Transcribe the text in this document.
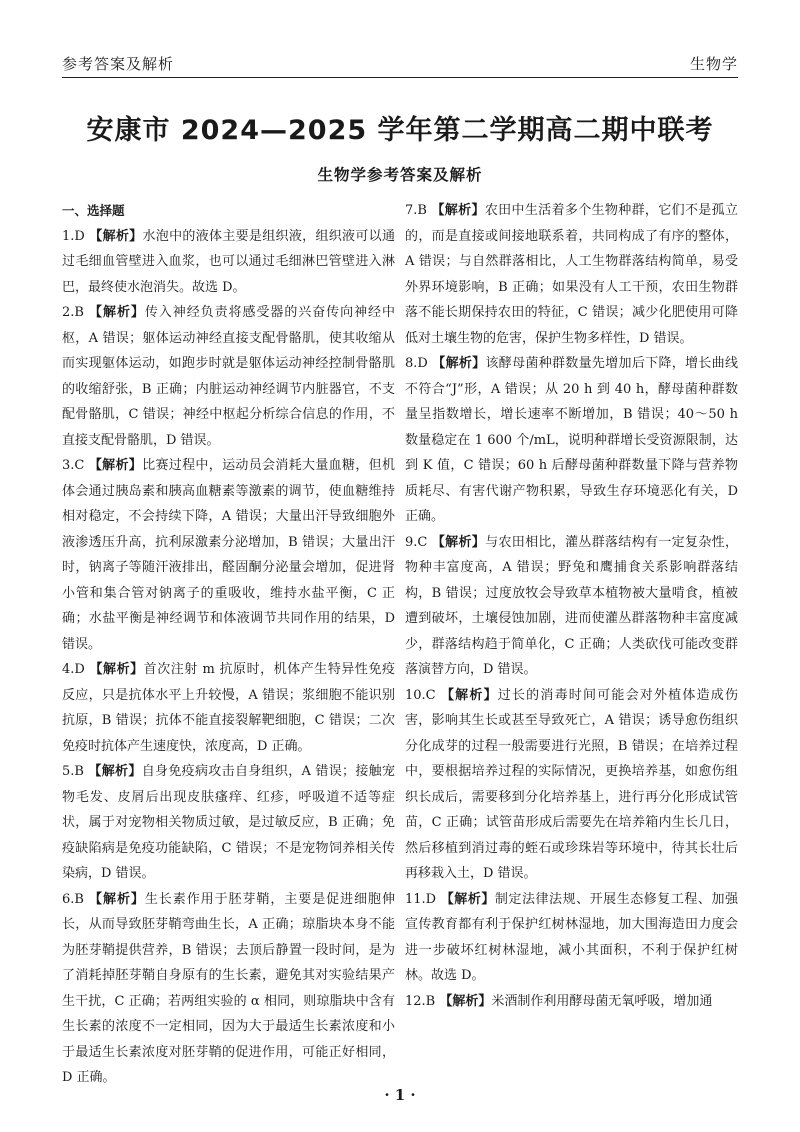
参考答案及解析	生物学
安康市 2024—2025 学年第二学期高二期中联考
生物学参考答案及解析
一、选择题

1.D 【解析】水泡中的液体主要是组织液，组织液可以通过毛细血管壁进入血浆，也可以通过毛细淋巴管壁进入淋巴，最终使水泡消失。故选 D。

2.B 【解析】传入神经负责将感受器的兴奋传向神经中枢，A 错误；躯体运动神经直接支配骨骼肌，使其收缩从而实现躯体运动，如跑步时就是躯体运动神经控制骨骼肌的收缩舒张，B 正确；内脏运动神经调节内脏器官，不支配骨骼肌，C 错误；神经中枢起分析综合信息的作用，不直接支配骨骼肌，D 错误。

3.C 【解析】比赛过程中，运动员会消耗大量血糖，但机体会通过胰岛素和胰高血糖素等激素的调节，使血糖维持相对稳定，不会持续下降，A 错误；大量出汗导致细胞外液渗透压升高，抗利尿激素分泌增加，B 错误；大量出汗时，钠离子等随汗液排出，醛固酮分泌量会增加，促进肾小管和集合管对钠离子的重吸收，维持水盐平衡，C 正确；水盐平衡是神经调节和体液调节共同作用的结果，D 错误。

4.D 【解析】首次注射 m 抗原时，机体产生特异性免疫反应，只是抗体水平上升较慢，A 错误；浆细胞不能识别抗原，B 错误；抗体不能直接裂解靶细胞，C 错误；二次免疫时抗体产生速度快，浓度高，D 正确。

5.B 【解析】自身免疫病攻击自身组织，A 错误；接触宠物毛发、皮屑后出现皮肤瘙痒、红疹，呼吸道不适等症状，属于对宠物相关物质过敏，是过敏反应，B 正确；免疫缺陷病是免疫功能缺陷，C 错误；不是宠物饲养相关传染病，D 错误。

6.B 【解析】生长素作用于胚芽鞘，主要是促进细胞伸长，从而导致胚芽鞘弯曲生长，A 正确；琼脂块本身不能为胚芽鞘提供营养，B 错误；去顶后静置一段时间，是为了消耗掉胚芽鞘自身原有的生长素，避免其对实验结果产生干扰，C 正确；若两组实验的 α 相同，则琼脂块中含有生长素的浓度不一定相同，因为大于最适生长素浓度和小于最适生长素浓度对胚芽鞘的促进作用，可能正好相同，D 正确。

7.B 【解析】农田中生活着多个生物种群，它们不是孤立的，而是直接或间接地联系着，共同构成了有序的整体，A 错误；与自然群落相比，人工生物群落结构简单，易受外界环境影响，B 正确；如果没有人工干预，农田生物群落不能长期保持农田的特征，C 错误；减少化肥使用可降低对土壤生物的危害，保护生物多样性，D 错误。

8.D 【解析】该酵母菌种群数量先增加后下降，增长曲线不符合“J”形，A 错误；从 20 h 到 40 h，酵母菌种群数量呈指数增长，增长速率不断增加，B 错误；40～50 h 数量稳定在 1 600 个/mL，说明种群增长受资源限制，达到 K 值，C 错误；60 h 后酵母菌种群数量下降与营养物质耗尽、有害代谢产物积累，导致生存环境恶化有关，D 正确。

9.C 【解析】与农田相比，灌丛群落结构有一定复杂性，物种丰富度高，A 错误；野兔和鹰捕食关系影响群落结构，B 错误；过度放牧会导致草本植物被大量啃食，植被遭到破坏，土壤侵蚀加剧，进而使灌丛群落物种丰富度减少，群落结构趋于简单化，C 正确；人类砍伐可能改变群落演替方向，D 错误。

10.C 【解析】过长的消毒时间可能会对外植体造成伤害，影响其生长或甚至导致死亡，A 错误；诱导愈伤组织分化成芽的过程一般需要进行光照，B 错误；在培养过程中，要根据培养过程的实际情况，更换培养基，如愈伤组织长成后，需要移到分化培养基上，进行再分化形成试管苗，C 正确；试管苗形成后需要先在培养箱内生长几日，然后移植到消过毒的蛭石或珍珠岩等环境中，待其长壮后再移栽入土，D 错误。

11.D 【解析】制定法律法规、开展生态修复工程、加强宣传教育都有利于保护红树林湿地，加大围海造田力度会进一步破坏红树林湿地，减小其面积，不利于保护红树林。故选 D。

12.B 【解析】米酒制作利用酵母菌无氧呼吸，增加通

· 1 ·
